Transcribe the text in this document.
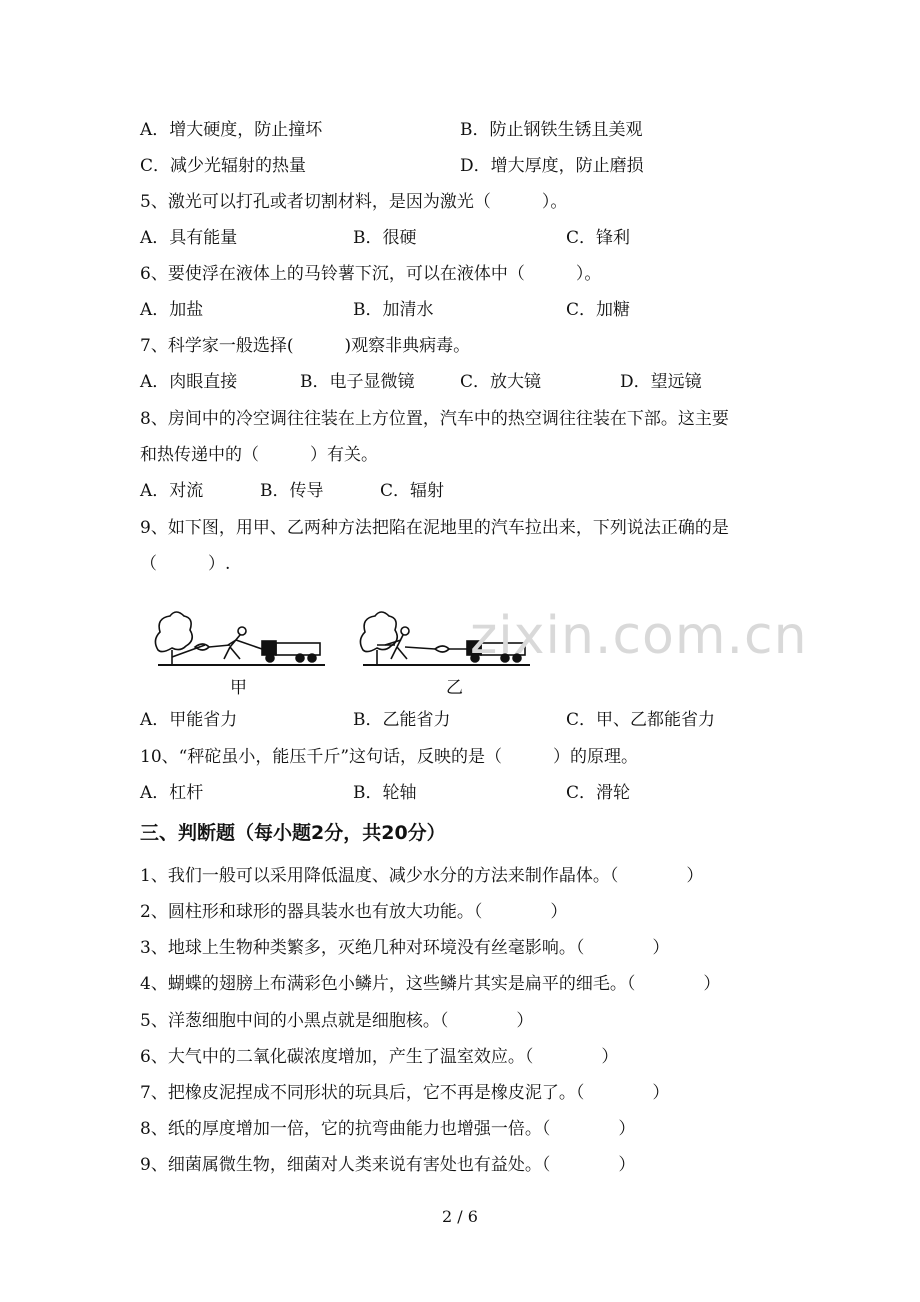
A．增大硬度，防止撞坏	B．防止钢铁生锈且美观
C．减少光辐射的热量	D．增大厚度，防止磨损
5、激光可以打孔或者切割材料，是因为激光（　　　）。
A．具有能量	B．很硬	C．锋利
6、要使浮在液体上的马铃薯下沉，可以在液体中（　　　）。
A．加盐	B．加清水	C．加糖
7、科学家一般选择(　　　)观察非典病毒。
A．肉眼直接	B．电子显微镜	C．放大镜	D．望远镜
8、房间中的冷空调往往装在上方位置，汽车中的热空调往往装在下部。这主要
和热传递中的（　　　）有关。
A．对流	B．传导	C．辐射
9、如下图，用甲、乙两种方法把陷在泥地里的汽车拉出来，下列说法正确的是
（　　　）.
甲	乙
zixin.com.cn
A．甲能省力	B．乙能省力	C．甲、乙都能省力
10、“秤砣虽小，能压千斤”这句话，反映的是（　　　）的原理。
A．杠杆	B．轮轴	C．滑轮
三、判断题（每小题2分，共20分）
1、我们一般可以采用降低温度、减少水分的方法来制作晶体。（　　　　）
2、圆柱形和球形的器具装水也有放大功能。（　　　　）
3、地球上生物种类繁多，灭绝几种对环境没有丝毫影响。（　　　　）
4、蝴蝶的翅膀上布满彩色小鳞片，这些鳞片其实是扁平的细毛。（　　　　）
5、洋葱细胞中间的小黑点就是细胞核。（　　　　）
6、大气中的二氧化碳浓度增加，产生了温室效应。（　　　　）
7、把橡皮泥捏成不同形状的玩具后，它不再是橡皮泥了。（　　　　）
8、纸的厚度增加一倍，它的抗弯曲能力也增强一倍。（　　　　）
9、细菌属微生物，细菌对人类来说有害处也有益处。（　　　　）
2 / 6
